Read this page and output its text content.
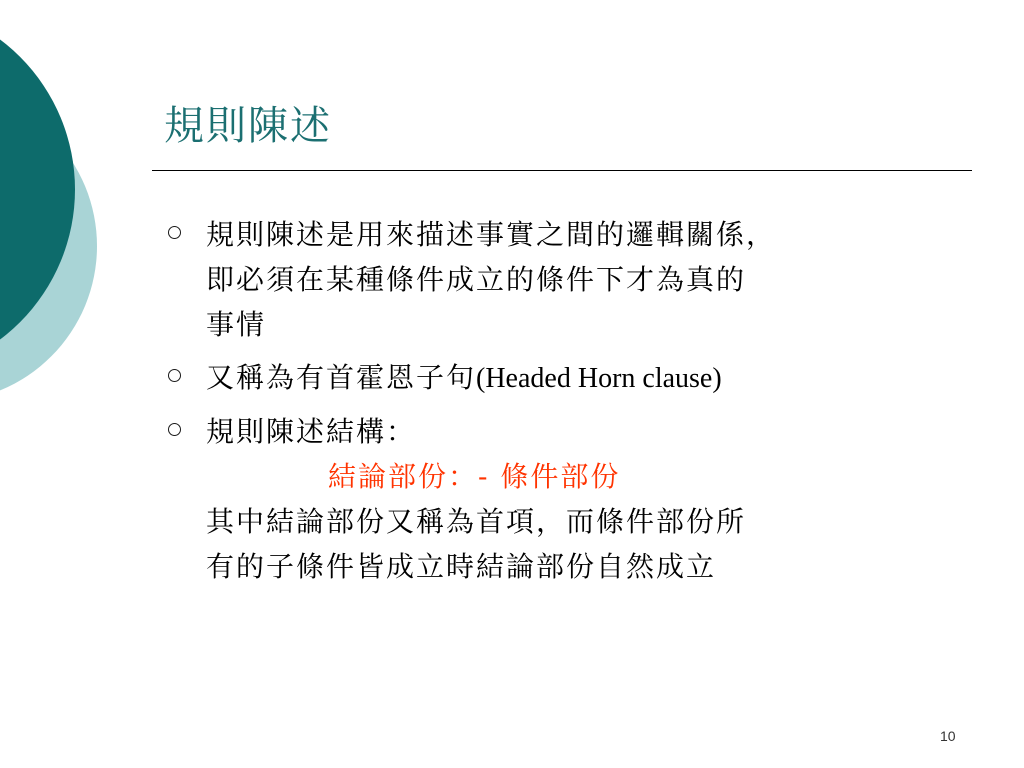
規則陳述
規則陳述是用來描述事實之間的邏輯關係，
即必須在某種條件成立的條件下才為真的
事情
又稱為有首霍恩子句(Headed Horn clause)
規則陳述結構：
結論部份：- 條件部份
其中結論部份又稱為首項，而條件部份所
有的子條件皆成立時結論部份自然成立
10
